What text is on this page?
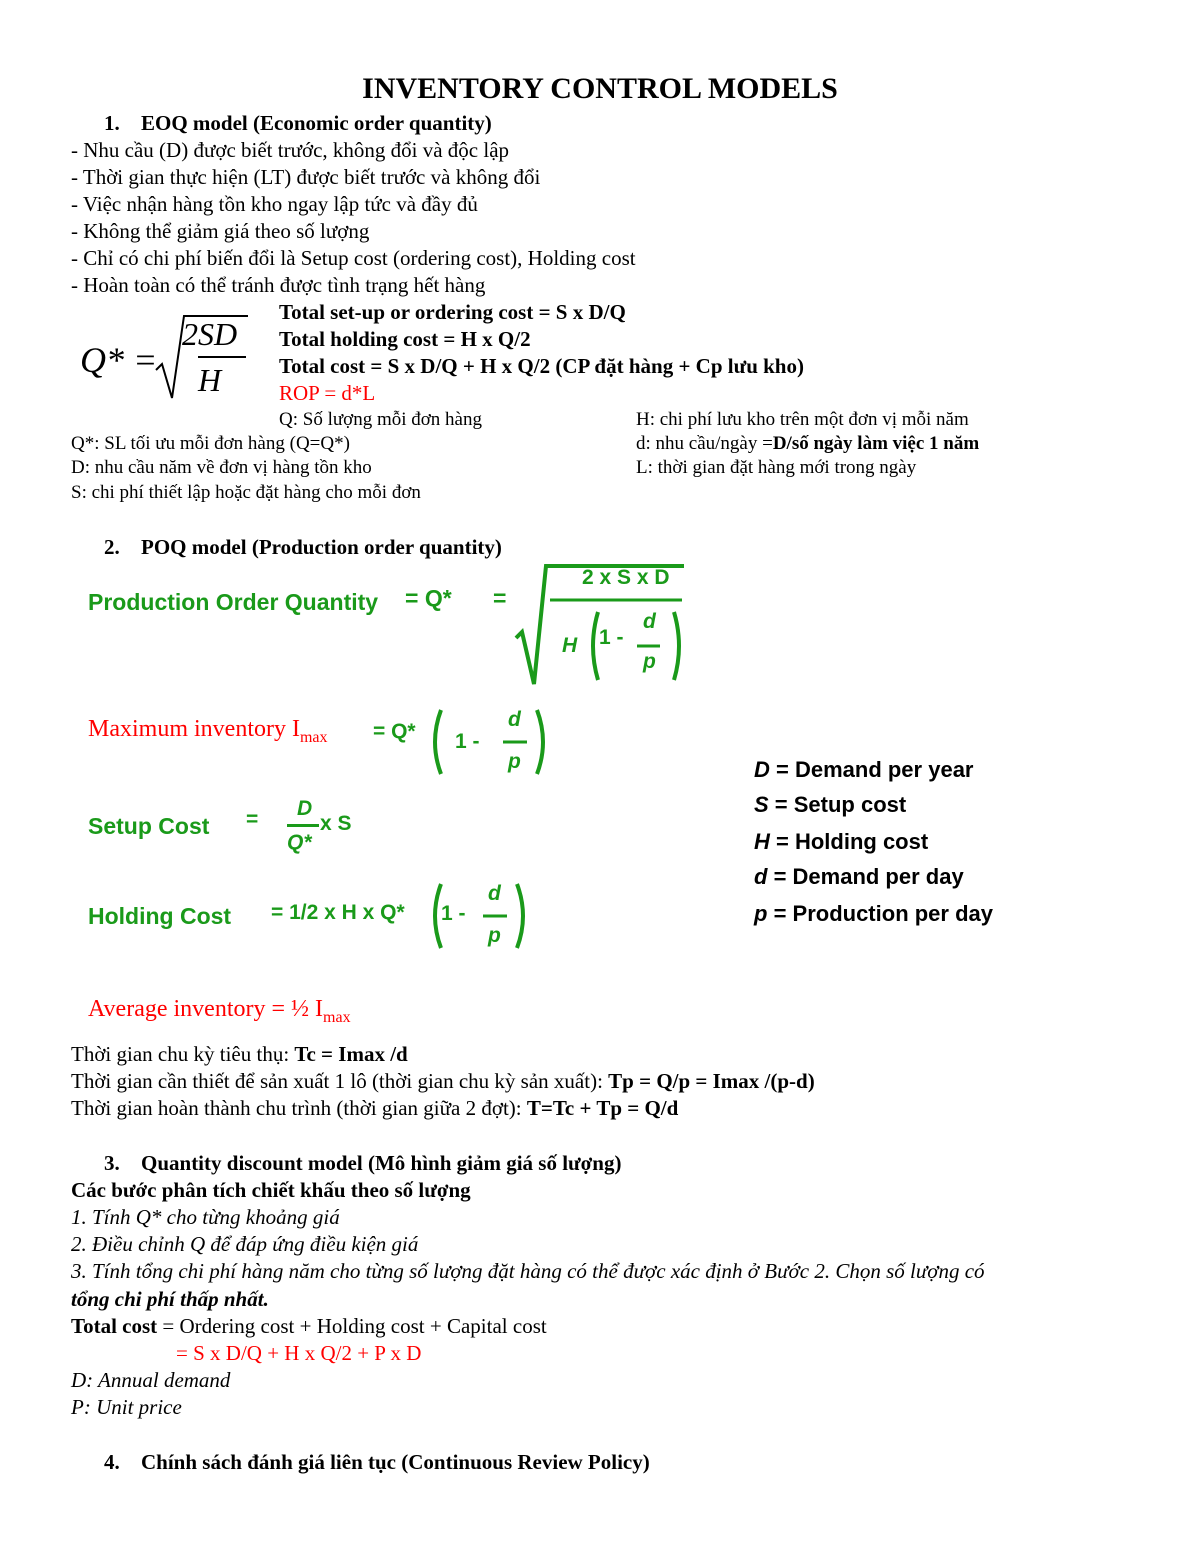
INVENTORY CONTROL MODELS
1. EOQ model (Economic order quantity)
- Nhu cầu (D) được biết trước, không đổi và độc lập
- Thời gian thực hiện (LT) được biết trước và không đổi
- Việc nhận hàng tồn kho ngay lập tức và đầy đủ
- Không thể giảm giá theo số lượng
- Chỉ có chi phí biến đổi là Setup cost (ordering cost), Holding cost
- Hoàn toàn có thể tránh được tình trạng hết hàng
Q* =
2SD
H
Total set-up or ordering cost = S x D/Q
Total holding cost = H x Q/2
Total cost = S x D/Q + H x Q/2 (CP đặt hàng + Cp lưu kho)
ROP = d*L
Q: Số lượng mỗi đơn hàng
Q*: SL tối ưu mỗi đơn hàng (Q=Q*)
D: nhu cầu năm về đơn vị hàng tồn kho
S: chi phí thiết lập hoặc đặt hàng cho mỗi đơn
H: chi phí lưu kho trên một đơn vị mỗi năm
d: nhu cầu/ngày =D/số ngày làm việc 1 năm
L: thời gian đặt hàng mới trong ngày
2. POQ model (Production order quantity)
Production Order Quantity = Q* =
2 x S x D
H 1 -
d
p
Maximum inventory $I_{max} = Q*$ 1 -
d
p
Setup Cost = D
Q*
x S
Holding Cost = 1/2 x H x Q* 1 -
d
p
D = Demand per year
S = Setup cost
H = Holding cost
d = Demand per day
p = Production per day
Average inventory = ½ $I_{max}$
Thời gian chu kỳ tiêu thụ: Tc = Imax /d
Thời gian cần thiết để sản xuất 1 lô (thời gian chu kỳ sản xuất): Tp = Q/p = Imax /(p-d)
Thời gian hoàn thành chu trình (thời gian giữa 2 đợt): T=Tc + Tp = Q/d
3. Quantity discount model (Mô hình giảm giá số lượng)
Các bước phân tích chiết khấu theo số lượng
1. Tính Q* cho từng khoảng giá
2. Điều chỉnh Q để đáp ứng điều kiện giá
3. Tính tổng chi phí hàng năm cho từng số lượng đặt hàng có thể được xác định ở Bước 2. Chọn số lượng có
tổng chi phí thấp nhất.
Total cost = Ordering cost + Holding cost + Capital cost
= S x D/Q + H x Q/2 + P x D
D: Annual demand
P: Unit price
4. Chính sách đánh giá liên tục (Continuous Review Policy)
